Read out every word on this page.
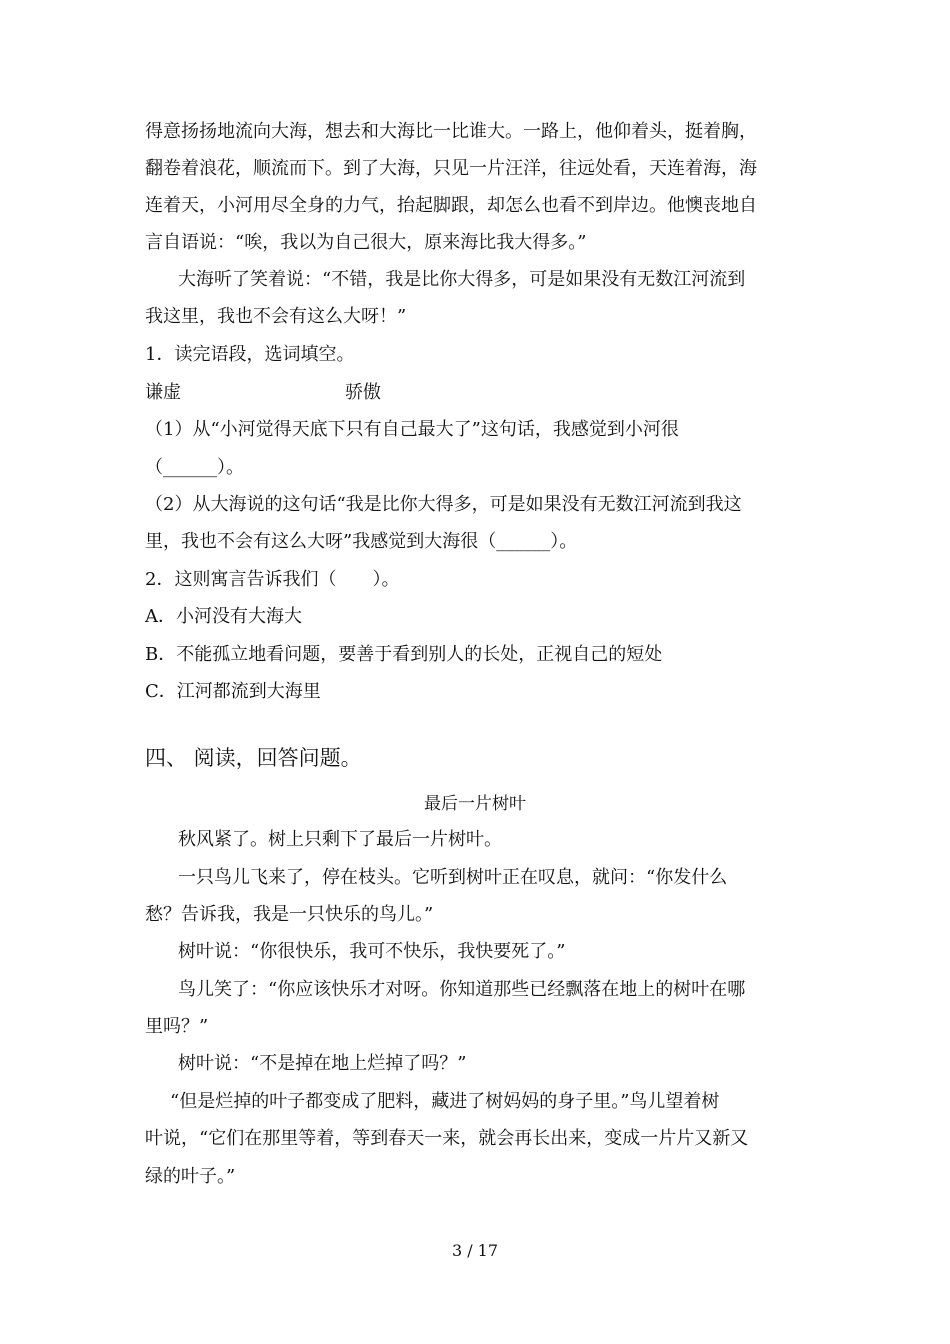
得意扬扬地流向大海，想去和大海比一比谁大。一路上，他仰着头，挺着胸，
翻卷着浪花，顺流而下。到了大海，只见一片汪洋，往远处看，天连着海，海
连着天，小河用尽全身的力气，抬起脚跟，却怎么也看不到岸边。他懊丧地自
言自语说：“唉，我以为自己很大，原来海比我大得多。”
大海听了笑着说：“不错，我是比你大得多，可是如果没有无数江河流到
我这里，我也不会有这么大呀！”
1．读完语段，选词填空。
谦虚	骄傲
（1）从“小河觉得天底下只有自己最大了”这句话，我感觉到小河很
（______）。
（2）从大海说的这句话“我是比你大得多，可是如果没有无数江河流到我这
里，我也不会有这么大呀”我感觉到大海很（______）。
2．这则寓言告诉我们（　　）。
A．小河没有大海大
B．不能孤立地看问题，要善于看到别人的长处，正视自己的短处
C．江河都流到大海里
四、 阅读，回答问题。
最后一片树叶
秋风紧了。树上只剩下了最后一片树叶。
一只鸟儿飞来了，停在枝头。它听到树叶正在叹息，就问：“你发什么
愁？告诉我，我是一只快乐的鸟儿。”
树叶说：“你很快乐，我可不快乐，我快要死了。”
鸟儿笑了：“你应该快乐才对呀。你知道那些已经飘落在地上的树叶在哪
里吗？”
树叶说：“不是掉在地上烂掉了吗？”
“但是烂掉的叶子都变成了肥料，藏进了树妈妈的身子里。”鸟儿望着树
叶说，“它们在那里等着，等到春天一来，就会再长出来，变成一片片又新又
绿的叶子。”
3 / 17
